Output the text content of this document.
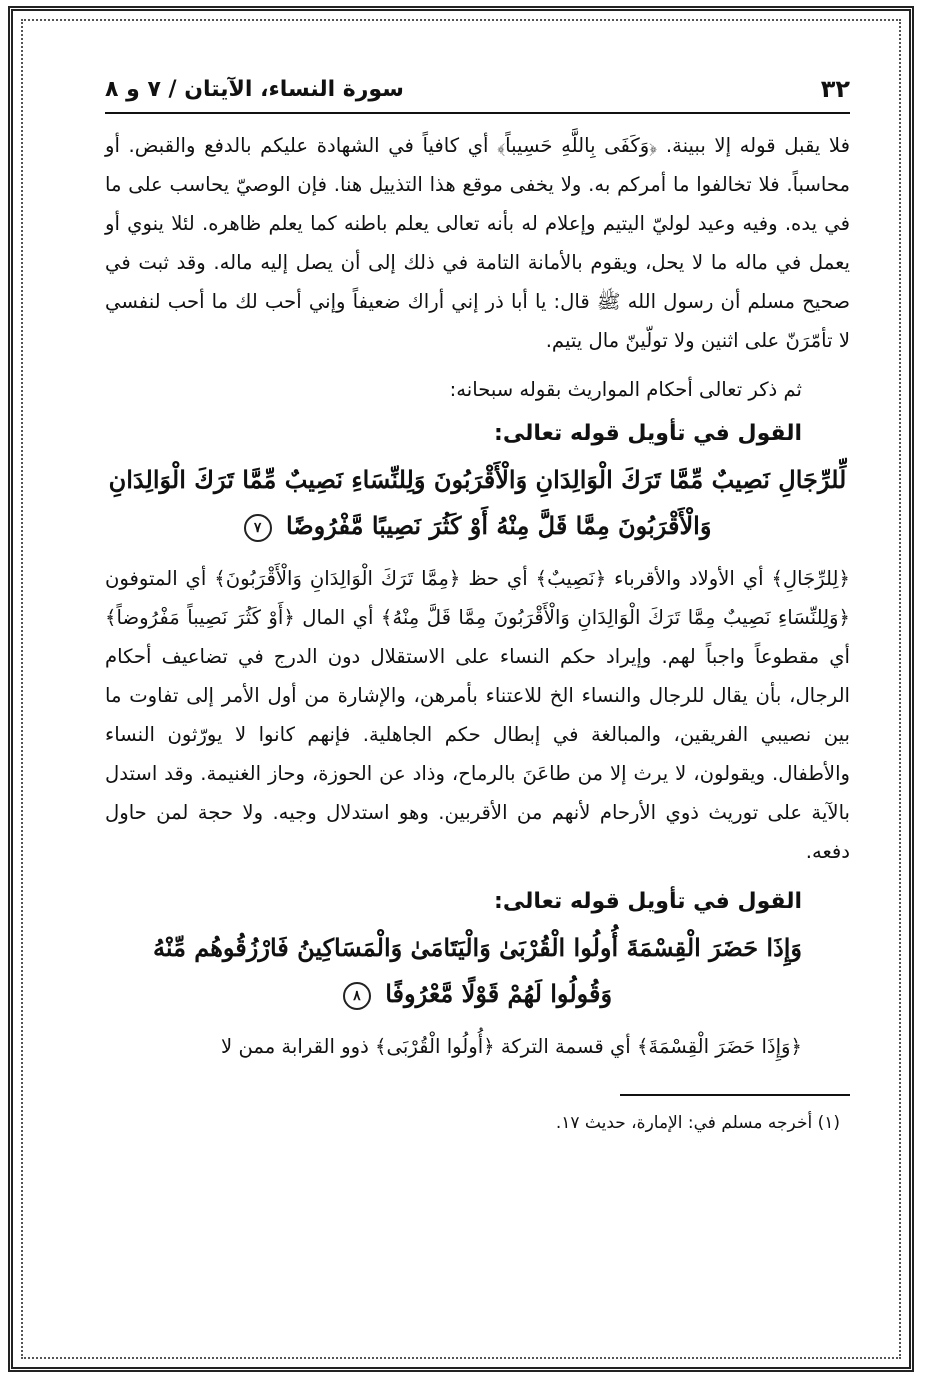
٣٢
سورة النساء، الآيتان / ٧ و ٨

فلا يقبل قوله إلا ببينة. ﴿وَكَفَى بِاللَّهِ حَسِيباً﴾ أي كافياً في الشهادة عليكم بالدفع والقبض. أو محاسباً. فلا تخالفوا ما أمركم به. ولا يخفى موقع هذا التذييل هنا. فإن الوصيّ يحاسب على ما في يده. وفيه وعيد لوليّ اليتيم وإعلام له بأنه تعالى يعلم باطنه كما يعلم ظاهره. لئلا ينوي أو يعمل في ماله ما لا يحل، ويقوم بالأمانة التامة في ذلك إلى أن يصل إليه ماله. وقد ثبت في صحيح مسلم أن رسول الله ﷺ قال: يا أبا ذر إني أراك ضعيفاً وإني أحب لك ما أحب لنفسي لا تأمّرَنّ على اثنين ولا تولّينّ مال يتيم.

ثم ذكر تعالى أحكام المواريث بقوله سبحانه:

القول في تأويل قوله تعالى:
لِّلرِّجَالِ نَصِيبٌ مِّمَّا تَرَكَ الْوَالِدَانِ وَالْأَقْرَبُونَ وَلِلنِّسَاءِ نَصِيبٌ مِّمَّا تَرَكَ الْوَالِدَانِ
وَالْأَقْرَبُونَ مِمَّا قَلَّ مِنْهُ أَوْ كَثُرَ نَصِيبًا مَّفْرُوضًا ٧

﴿لِلرِّجَالِ﴾ أي الأولاد والأقرباء ﴿نَصِيبٌ﴾ أي حظ ﴿مِمَّا تَرَكَ الْوَالِدَانِ وَالْأَقْرَبُونَ﴾ أي المتوفون ﴿وَلِلنِّسَاءِ نَصِيبٌ مِمَّا تَرَكَ الْوَالِدَانِ وَالْأَقْرَبُونَ مِمَّا قَلَّ مِنْهُ﴾ أي المال ﴿أَوْ كَثُرَ نَصِيباً مَفْرُوضاً﴾ أي مقطوعاً واجباً لهم. وإيراد حكم النساء على الاستقلال دون الدرج في تضاعيف أحكام الرجال، بأن يقال للرجال والنساء الخ للاعتناء بأمرهن، والإشارة من أول الأمر إلى تفاوت ما بين نصيبي الفريقين، والمبالغة في إبطال حكم الجاهلية. فإنهم كانوا لا يورّثون النساء والأطفال. ويقولون، لا يرث إلا من طاعَنَ بالرماح، وذاد عن الحوزة، وحاز الغنيمة. وقد استدل بالآية على توريث ذوي الأرحام لأنهم من الأقربين. وهو استدلال وجيه. ولا حجة لمن حاول دفعه.

القول في تأويل قوله تعالى:
وَإِذَا حَضَرَ الْقِسْمَةَ أُولُوا الْقُرْبَىٰ وَالْيَتَامَىٰ وَالْمَسَاكِينُ فَارْزُقُوهُم مِّنْهُ
وَقُولُوا لَهُمْ قَوْلًا مَّعْرُوفًا ٨

﴿وَإِذَا حَضَرَ الْقِسْمَةَ﴾ أي قسمة التركة ﴿أُولُوا الْقُرْبَى﴾ ذوو القرابة ممن لا

(١) أخرجه مسلم في: الإمارة، حديث ١٧.
